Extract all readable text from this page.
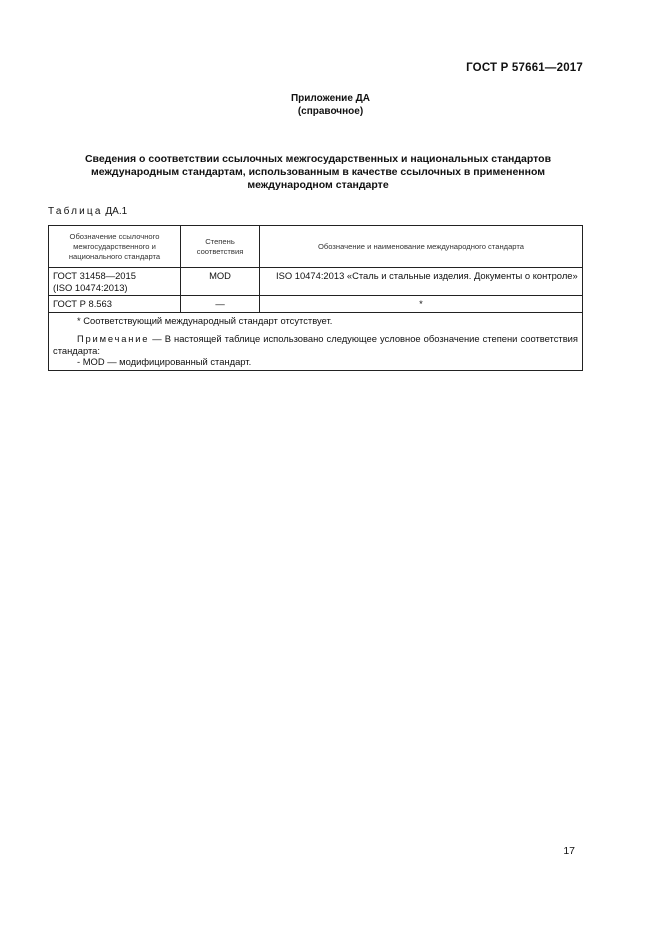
ГОСТ Р 57661—2017
Приложение ДА
(справочное)
Сведения о соответствии ссылочных межгосударственных и национальных стандартов международным стандартам, использованным в качестве ссылочных в примененном международном стандарте
Таблица ДА.1
Обозначение ссылочного межгосударственного и национального стандарта	Степень соответствия	Обозначение и наименование международного стандарта

ГОСТ 31458—2015
(ISO 10474:2013)	MOD	ISO 10474:2013 «Сталь и стальные изделия. Документы о контроле»

ГОСТ Р 8.563	—	*

* Соответствующий международный стандарт отсутствует.
Примечание — В настоящей таблице использовано следующее условное обозначение степени соответствия стандарта:
- MOD — модифицированный стандарт.		
17
